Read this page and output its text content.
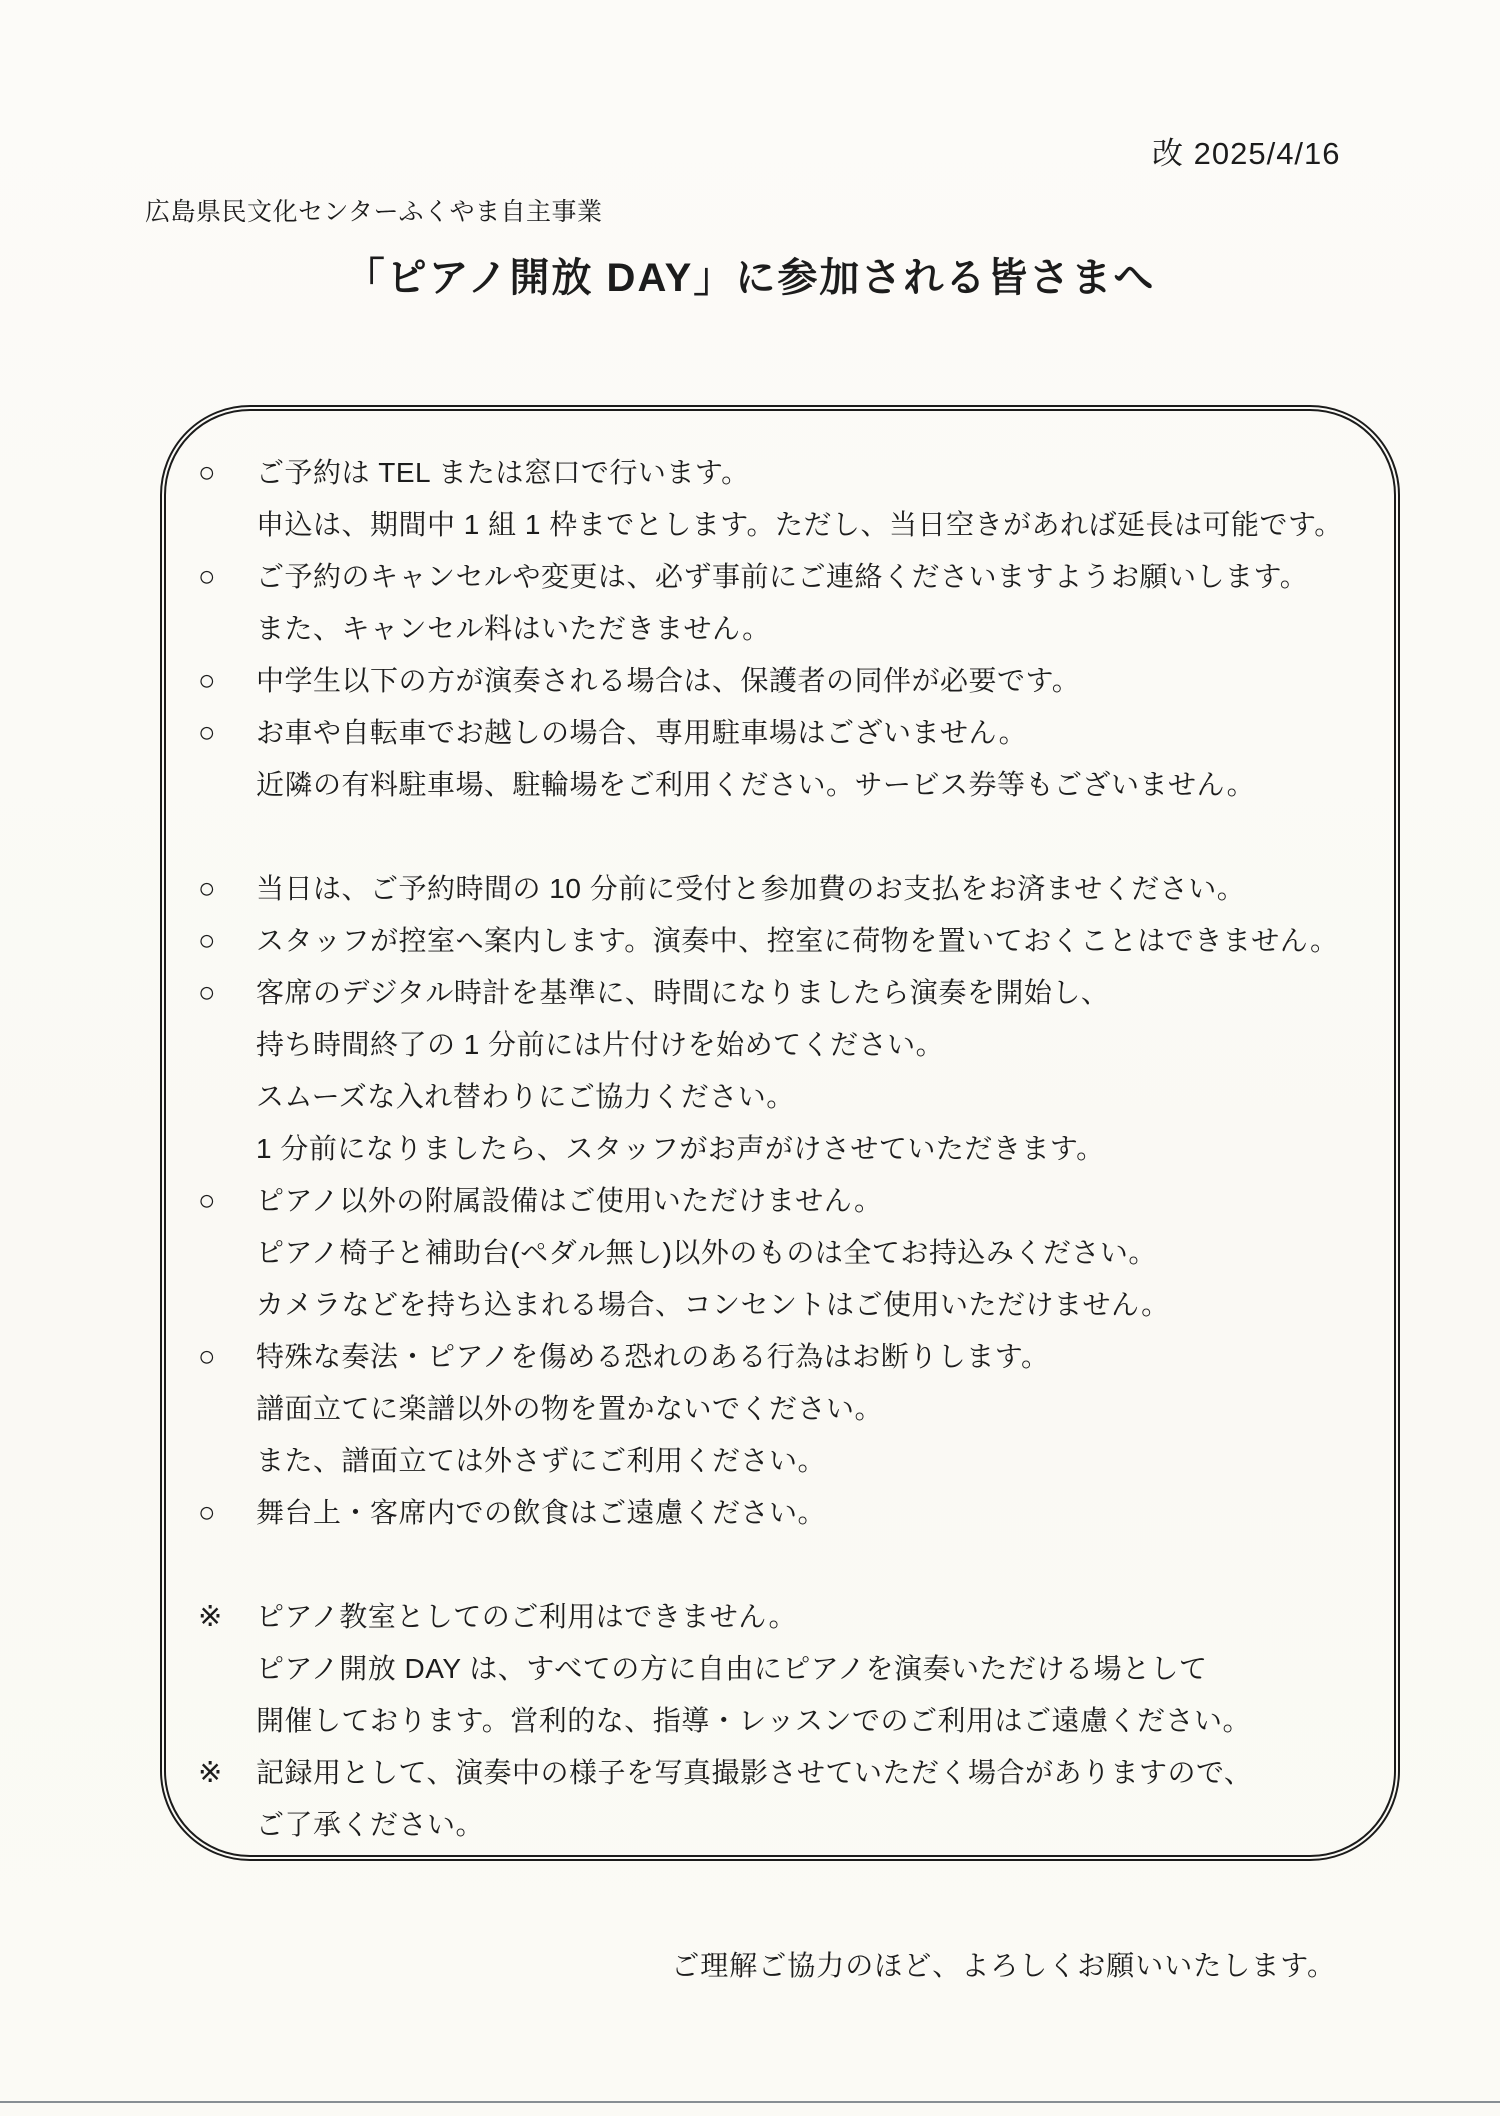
改 2025/4/16
広島県民文化センターふくやま自主事業
「ピアノ開放 DAY」に参加される皆さまへ
○	ご予約は TEL または窓口で行います。
申込は、期間中 1 組 1 枠までとします。ただし、当日空きがあれば延長は可能です。
○	ご予約のキャンセルや変更は、必ず事前にご連絡くださいますようお願いします。
また、キャンセル料はいただきません。
○	中学生以下の方が演奏される場合は、保護者の同伴が必要です。
○	お車や自転車でお越しの場合、専用駐車場はございません。
近隣の有料駐車場、駐輪場をご利用ください。サービス券等もございません。
○	当日は、ご予約時間の 10 分前に受付と参加費のお支払をお済ませください。
○	スタッフが控室へ案内します。演奏中、控室に荷物を置いておくことはできません。
○	客席のデジタル時計を基準に、時間になりましたら演奏を開始し、
持ち時間終了の 1 分前には片付けを始めてください。
スムーズな入れ替わりにご協力ください。
1 分前になりましたら、スタッフがお声がけさせていただきます。
○	ピアノ以外の附属設備はご使用いただけません。
ピアノ椅子と補助台(ペダル無し)以外のものは全てお持込みください。
カメラなどを持ち込まれる場合、コンセントはご使用いただけません。
○	特殊な奏法・ピアノを傷める恐れのある行為はお断りします。
譜面立てに楽譜以外の物を置かないでください。
また、譜面立ては外さずにご利用ください。
○	舞台上・客席内での飲食はご遠慮ください。
※	ピアノ教室としてのご利用はできません。
ピアノ開放 DAY は、すべての方に自由にピアノを演奏いただける場として
開催しております。営利的な、指導・レッスンでのご利用はご遠慮ください。
※	記録用として、演奏中の様子を写真撮影させていただく場合がありますので、
ご了承ください。
ご理解ご協力のほど、よろしくお願いいたします。
